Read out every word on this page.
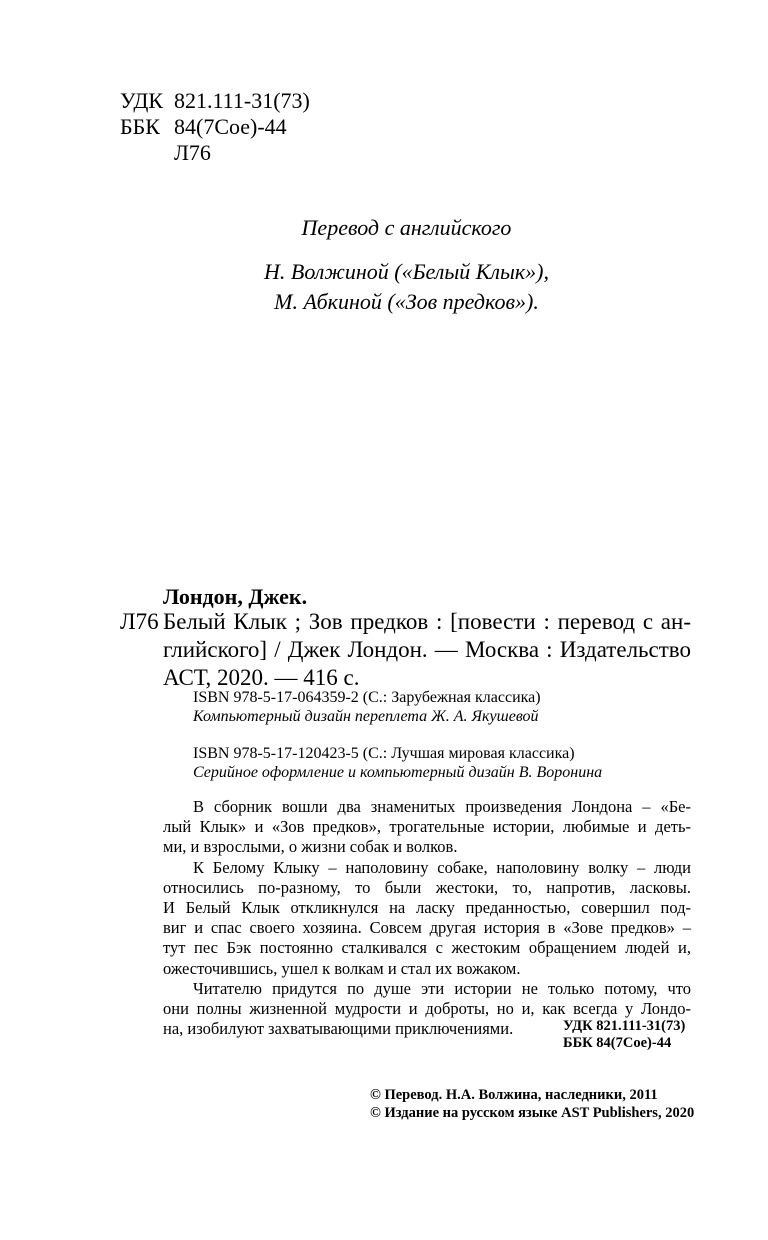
УДК 821.111-31(73)
ББК 84(7Сое)-44
Л76
Перевод с английского
Н. Волжиной («Белый Клык»),
М. Абкиной («Зов предков»).
Лондон, Джек.
Л76 Белый Клык ; Зов предков : [повести : перевод с ан-
глийского] / Джек Лондон. — Москва : Издательство
АСТ, 2020. — 416 с.
ISBN 978-5-17-064359-2 (С.: Зарубежная классика)
Компьютерный дизайн переплета Ж. А. Якушевой
ISBN 978-5-17-120423-5 (С.: Лучшая мировая классика)
Серийное оформление и компьютерный дизайн В. Воронина
В сборник вошли два знаменитых произведения Лондона – «Бе-
лый Клык» и «Зов предков», трогательные истории, любимые и деть-
ми, и взрослыми, о жизни собак и волков.
К Белому Клыку – наполовину собаке, наполовину волку – люди
относились по-разному, то были жестоки, то, напротив, ласковы.
И Белый Клык откликнулся на ласку преданностью, совершил под-
виг и спас своего хозяина. Совсем другая история в «Зове предков» –
тут пес Бэк постоянно сталкивался с жестоким обращением людей и,
ожесточившись, ушел к волкам и стал их вожаком.
Читателю придутся по душе эти истории не только потому, что
они полны жизненной мудрости и доброты, но и, как всегда у Лондо-
на, изобилуют захватывающими приключениями.	УДК 821.111-31(73)
ББК 84(7Сое)-44
© Перевод. Н.А. Волжина, наследники, 2011
© Издание на русском языке AST Publishers, 2020
